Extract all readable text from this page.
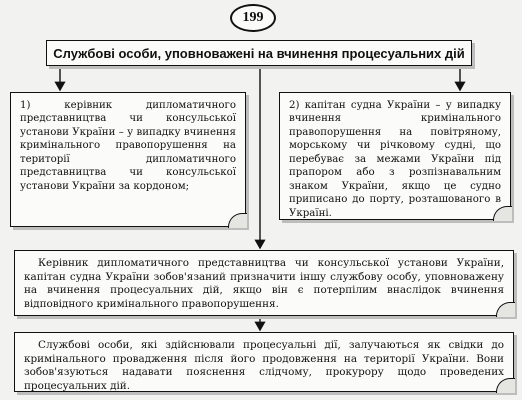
199
Службові особи, уповноважені на вчинення процесуальних дій

1) керівник дипломатичного представництва чи консульської установи України – у випадку вчинення кримінального правопорушення на території дипломатичного представництва чи консульської установи України за кордоном;

2) капітан судна України – у випадку вчинення кримінального правопорушення на повітряному, морському чи річковому судні, що перебуває за межами України під прапором або з розпізнавальним знаком України, якщо це судно приписано до порту, розташованого в Україні.

Керівник дипломатичного представництва чи консульської установи України, капітан судна України зобов'язаний призначити іншу службову особу, уповноважену на вчинення процесуальних дій, якщо він є потерпілим внаслідок вчинення відповідного кримінального правопорушення.

Службові особи, які здійснювали процесуальні дії, залучаються як свідки до кримінального провадження після його продовження на території України. Вони зобов'язуються надавати пояснення слідчому, прокурору щодо проведених процесуальних дій.
